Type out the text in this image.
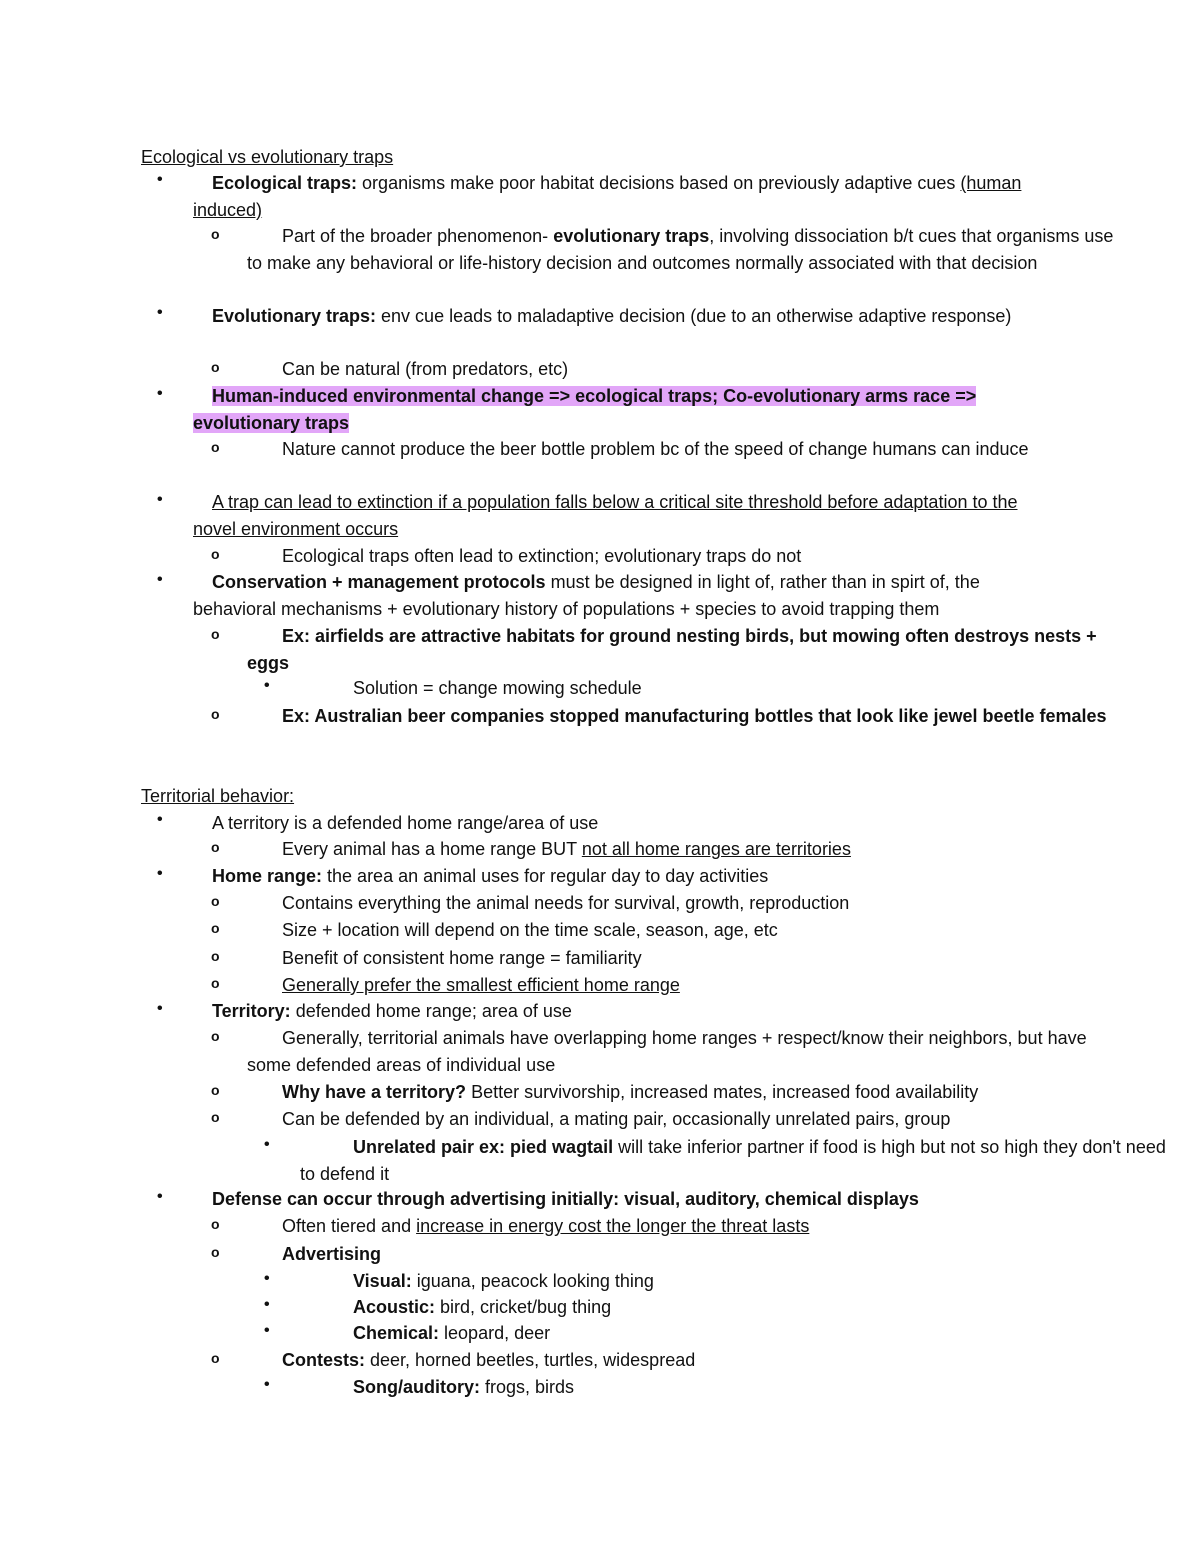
Ecological vs evolutionary traps
•	Ecological traps: organisms make poor habitat decisions based on previously adaptive cues (human induced)
o	Part of the broader phenomenon- evolutionary traps, involving dissociation b/t cues that organisms use to make any behavioral or life-history decision and outcomes normally associated with that decision
•	Evolutionary traps: env cue leads to maladaptive decision (due to an otherwise adaptive response)
o	Can be natural (from predators, etc)
•	Human-induced environmental change => ecological traps; Co-evolutionary arms race => evolutionary traps
o	Nature cannot produce the beer bottle problem bc of the speed of change humans can induce
•	A trap can lead to extinction if a population falls below a critical site threshold before adaptation to the novel environment occurs
o	Ecological traps often lead to extinction; evolutionary traps do not
•	Conservation + management protocols must be designed in light of, rather than in spirt of, the behavioral mechanisms + evolutionary history of populations + species to avoid trapping them
o	Ex: airfields are attractive habitats for ground nesting birds, but mowing often destroys nests + eggs
•	Solution = change mowing schedule
o	Ex: Australian beer companies stopped manufacturing bottles that look like jewel beetle females
Territorial behavior:
•	A territory is a defended home range/area of use
o	Every animal has a home range BUT not all home ranges are territories
•	Home range: the area an animal uses for regular day to day activities
o	Contains everything the animal needs for survival, growth, reproduction
o	Size + location will depend on the time scale, season, age, etc
o	Benefit of consistent home range = familiarity
o	Generally prefer the smallest efficient home range
•	Territory: defended home range; area of use
o	Generally, territorial animals have overlapping home ranges + respect/know their neighbors, but have some defended areas of individual use
o	Why have a territory? Better survivorship, increased mates, increased food availability
o	Can be defended by an individual, a mating pair, occasionally unrelated pairs, group
•	Unrelated pair ex: pied wagtail will take inferior partner if food is high but not so high they don't need to defend it
•	Defense can occur through advertising initially: visual, auditory, chemical displays
o	Often tiered and increase in energy cost the longer the threat lasts
o	Advertising
•	Visual: iguana, peacock looking thing
•	Acoustic: bird, cricket/bug thing
•	Chemical: leopard, deer
o	Contests: deer, horned beetles, turtles, widespread
•	Song/auditory: frogs, birds
